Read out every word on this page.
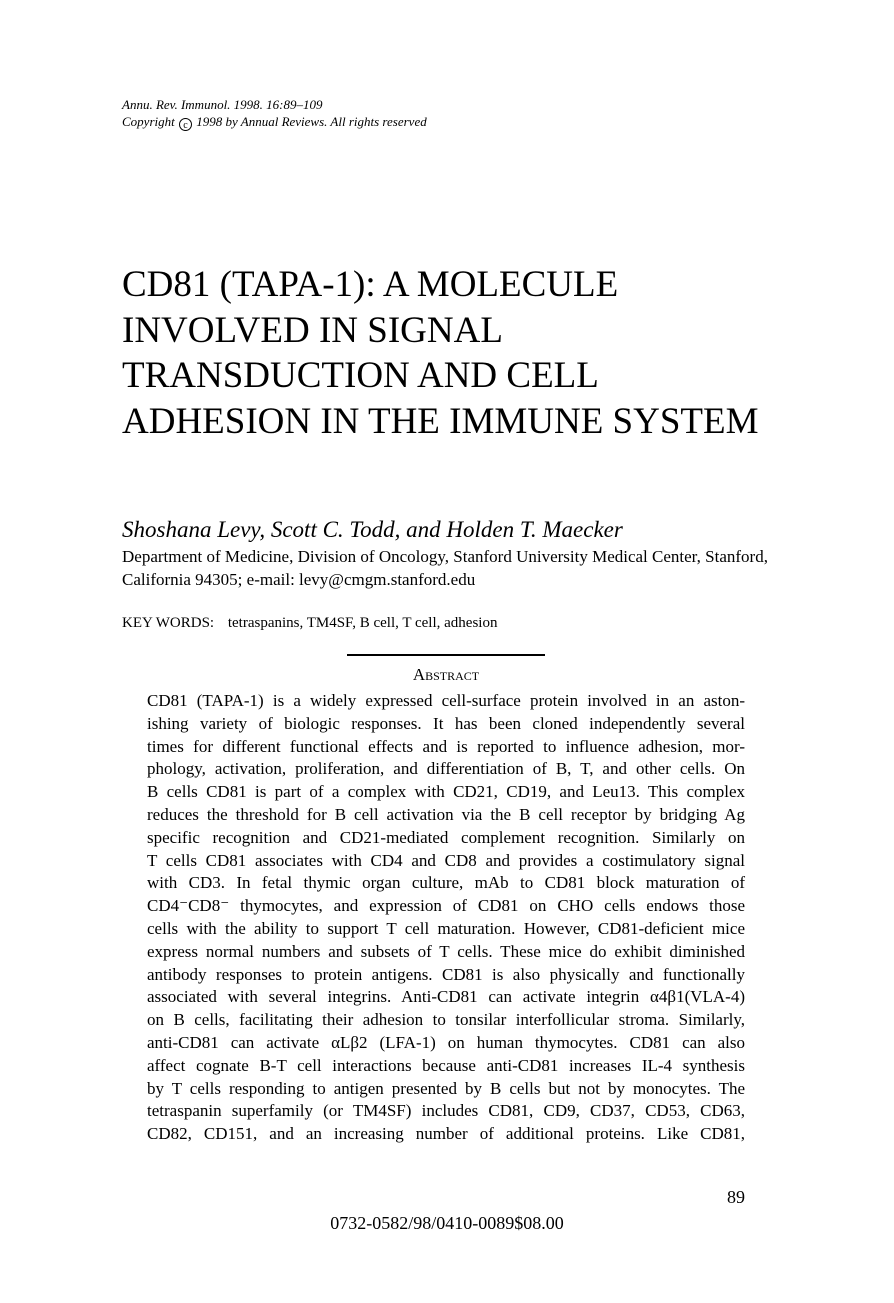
Annu. Rev. Immunol. 1998. 16:89–109
Copyright c 1998 by Annual Reviews. All rights reserved
CD81 (TAPA-1): A MOLECULE INVOLVED IN SIGNAL TRANSDUCTION AND CELL ADHESION IN THE IMMUNE SYSTEM
Shoshana Levy, Scott C. Todd, and Holden T. Maecker
Department of Medicine, Division of Oncology, Stanford University Medical Center, Stanford, California 94305; e-mail: levy@cmgm.stanford.edu
KEY WORDS: tetraspanins, TM4SF, B cell, T cell, adhesion
Abstract
CD81 (TAPA-1) is a widely expressed cell-surface protein involved in an aston-
ishing variety of biologic responses. It has been cloned independently several
times for different functional effects and is reported to influence adhesion, mor-
phology, activation, proliferation, and differentiation of B, T, and other cells. On
B cells CD81 is part of a complex with CD21, CD19, and Leu13. This complex
reduces the threshold for B cell activation via the B cell receptor by bridging Ag
specific recognition and CD21-mediated complement recognition. Similarly on
T cells CD81 associates with CD4 and CD8 and provides a costimulatory signal
with CD3. In fetal thymic organ culture, mAb to CD81 block maturation of
CD4⁻CD8⁻ thymocytes, and expression of CD81 on CHO cells endows those
cells with the ability to support T cell maturation. However, CD81-deficient mice
express normal numbers and subsets of T cells. These mice do exhibit diminished
antibody responses to protein antigens. CD81 is also physically and functionally
associated with several integrins. Anti-CD81 can activate integrin α4β1(VLA-4)
on B cells, facilitating their adhesion to tonsilar interfollicular stroma. Similarly,
anti-CD81 can activate αLβ2 (LFA-1) on human thymocytes. CD81 can also
affect cognate B-T cell interactions because anti-CD81 increases IL-4 synthesis
by T cells responding to antigen presented by B cells but not by monocytes. The
tetraspanin superfamily (or TM4SF) includes CD81, CD9, CD37, CD53, CD63,
CD82, CD151, and an increasing number of additional proteins. Like CD81,
89
0732-0582/98/0410-0089$08.00
